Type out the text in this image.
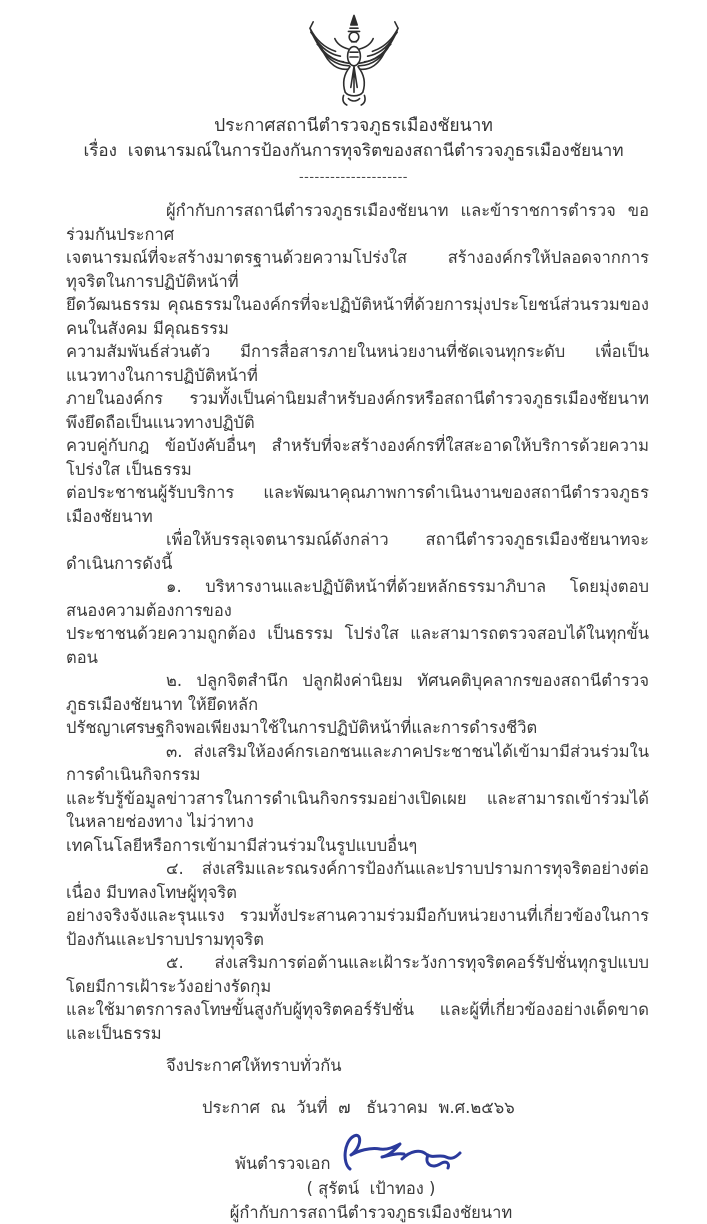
ประกาศสถานีตำรวจภูธรเมืองชัยนาท
เรื่อง  เจตนารมณ์ในการป้องกันการทุจริตของสถานีตำรวจภูธรเมืองชัยนาท
---------------------

ผู้กำกับการสถานีตำรวจภูธรเมืองชัยนาท และข้าราชการตำรวจ ขอร่วมกันประกาศ
เจตนารมณ์ที่จะสร้างมาตรฐานด้วยความโปร่งใส สร้างองค์กรให้ปลอดจากการทุจริตในการปฏิบัติหน้าที่
ยึดวัฒนธรรม คุณธรรมในองค์กรที่จะปฏิบัติหน้าที่ด้วยการมุ่งประโยชน์ส่วนรวมของคนในสังคม มีคุณธรรม
ความสัมพันธ์ส่วนตัว มีการสื่อสารภายในหน่วยงานที่ชัดเจนทุกระดับ เพื่อเป็นแนวทางในการปฏิบัติหน้าที่
ภายในองค์กร รวมทั้งเป็นค่านิยมสำหรับองค์กรหรือสถานีตำรวจภูธรเมืองชัยนาท พึงยึดถือเป็นแนวทางปฏิบัติ
ควบคู่กับกฎ ข้อบังคับอื่นๆ สำหรับที่จะสร้างองค์กรที่ใสสะอาดให้บริการด้วยความโปร่งใส เป็นธรรม
ต่อประชาชนผู้รับบริการ และพัฒนาคุณภาพการดำเนินงานของสถานีตำรวจภูธรเมืองชัยนาท

เพื่อให้บรรลุเจตนารมณ์ดังกล่าว สถานีตำรวจภูธรเมืองชัยนาทจะดำเนินการดังนี้

๑. บริหารงานและปฏิบัติหน้าที่ด้วยหลักธรรมาภิบาล โดยมุ่งตอบสนองความต้องการของ
ประชาชนด้วยความถูกต้อง เป็นธรรม โปร่งใส และสามารถตรวจสอบได้ในทุกขั้นตอน

๒. ปลูกจิตสำนึก ปลูกฝังค่านิยม ทัศนคติบุคลากรของสถานีตำรวจภูธรเมืองชัยนาท ให้ยึดหลัก
ปรัชญาเศรษฐกิจพอเพียงมาใช้ในการปฏิบัติหน้าที่และการดำรงชีวิต

๓. ส่งเสริมให้องค์กรเอกชนและภาคประชาชนได้เข้ามามีส่วนร่วมในการดำเนินกิจกรรม
และรับรู้ข้อมูลข่าวสารในการดำเนินกิจกรรมอย่างเปิดเผย และสามารถเข้าร่วมได้ในหลายช่องทาง ไม่ว่าทาง
เทคโนโลยีหรือการเข้ามามีส่วนร่วมในรูปแบบอื่นๆ

๔. ส่งเสริมและรณรงค์การป้องกันและปราบปรามการทุจริตอย่างต่อเนื่อง มีบทลงโทษผู้ทุจริต
อย่างจริงจังและรุนแรง รวมทั้งประสานความร่วมมือกับหน่วยงานที่เกี่ยวข้องในการป้องกันและปราบปรามทุจริต

๕. ส่งเสริมการต่อต้านและเฝ้าระวังการทุจริตคอร์รัปชั่นทุกรูปแบบ โดยมีการเฝ้าระวังอย่างรัดกุม
และใช้มาตรการลงโทษขั้นสูงกับผู้ทุจริตคอร์รัปชั่น และผู้ที่เกี่ยวข้องอย่างเด็ดขาดและเป็นธรรม

จึงประกาศให้ทราบทั่วกัน

ประกาศ  ณ  วันที่  ๗   ธันวาคม  พ.ศ.๒๕๖๖

พันตำรวจเอก
( สุรัตน์  เป้าทอง )
ผู้กำกับการสถานีตำรวจภูธรเมืองชัยนาท
